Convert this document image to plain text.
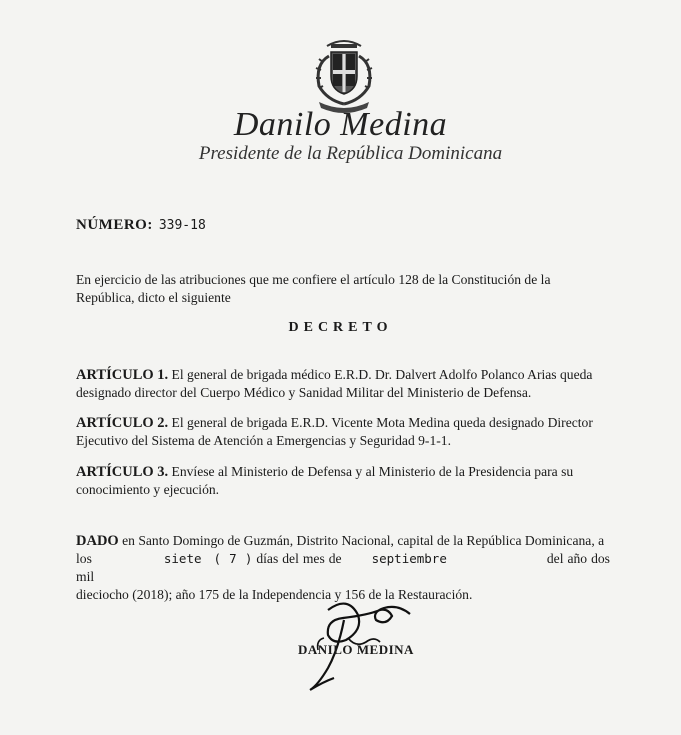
Danilo Medina
Presidente de la República Dominicana
NÚMERO: 339-18
En ejercicio de las atribuciones que me confiere el artículo 128 de la Constitución de la
República, dicto el siguiente
DECRETO
ARTÍCULO 1. El general de brigada médico E.R.D. Dr. Dalvert Adolfo Polanco Arias queda
designado director del Cuerpo Médico y Sanidad Militar del Ministerio de Defensa.
ARTÍCULO 2. El general de brigada E.R.D. Vicente Mota Medina queda designado Director
Ejecutivo del Sistema de Atención a Emergencias y Seguridad 9-1-1.
ARTÍCULO 3. Envíese al Ministerio de Defensa y al Ministerio de la Presidencia para su
conocimiento y ejecución.
DADO en Santo Domingo de Guzmán, Distrito Nacional, capital de la República Dominicana, a
los	siete ( 7 ) días del mes de septiembre	del año dos mil
dieciocho (2018); año 175 de la Independencia y 156 de la Restauración.
DANILO MEDINA
